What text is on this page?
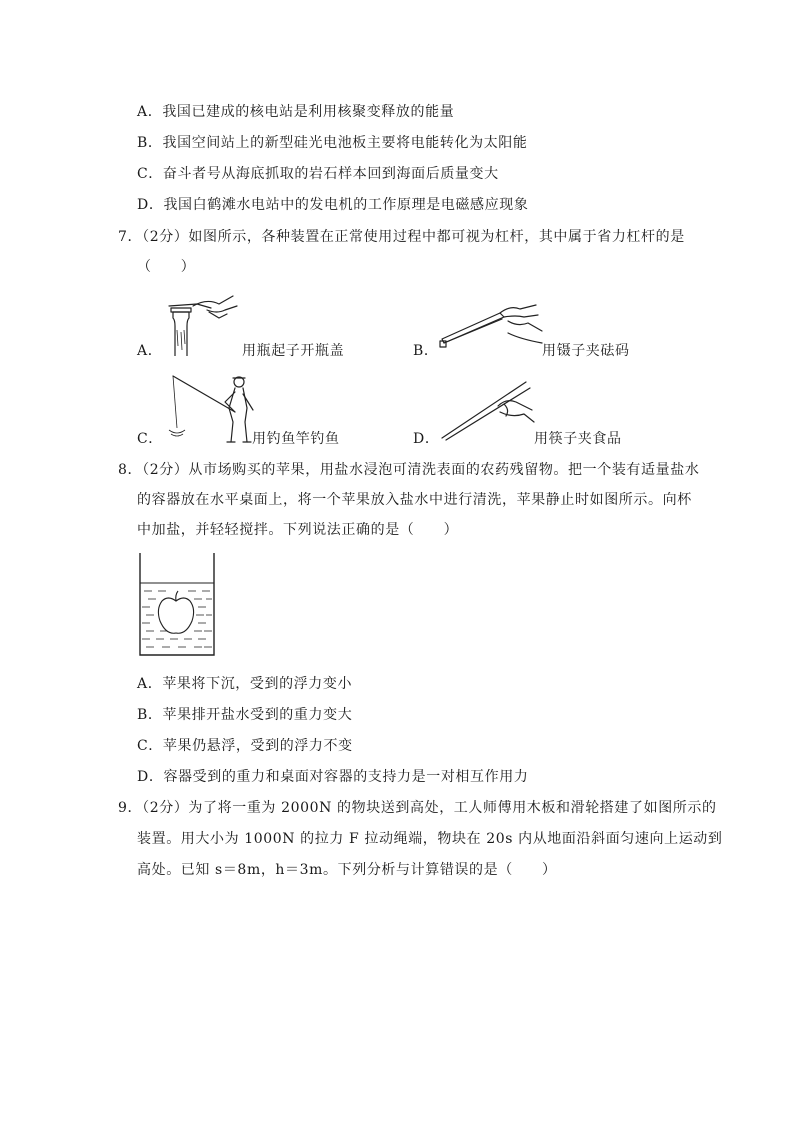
A．我国已建成的核电站是利用核聚变释放的能量
B．我国空间站上的新型硅光电池板主要将电能转化为太阳能
C．奋斗者号从海底抓取的岩石样本回到海面后质量变大
D．我国白鹤滩水电站中的发电机的工作原理是电磁感应现象
7．（2分）如图所示，各种装置在正常使用过程中都可视为杠杆，其中属于省力杠杆的是
（　　）
A．	用瓶起子开瓶盖	B．	用镊子夹砝码
C．	用钓鱼竿钓鱼	D．	用筷子夹食品
8．（2分）从市场购买的苹果，用盐水浸泡可清洗表面的农药残留物。把一个装有适量盐水
的容器放在水平桌面上，将一个苹果放入盐水中进行清洗，苹果静止时如图所示。向杯
中加盐，并轻轻搅拌。下列说法正确的是（　　）
A．苹果将下沉，受到的浮力变小
B．苹果排开盐水受到的重力变大
C．苹果仍悬浮，受到的浮力不变
D．容器受到的重力和桌面对容器的支持力是一对相互作用力
9．（2分）为了将一重为 2000N 的物块送到高处，工人师傅用木板和滑轮搭建了如图所示的
装置。用大小为 1000N 的拉力 F 拉动绳端，物块在 20s 内从地面沿斜面匀速向上运动到
高处。已知 s＝8m，h＝3m。下列分析与计算错误的是（　　）
